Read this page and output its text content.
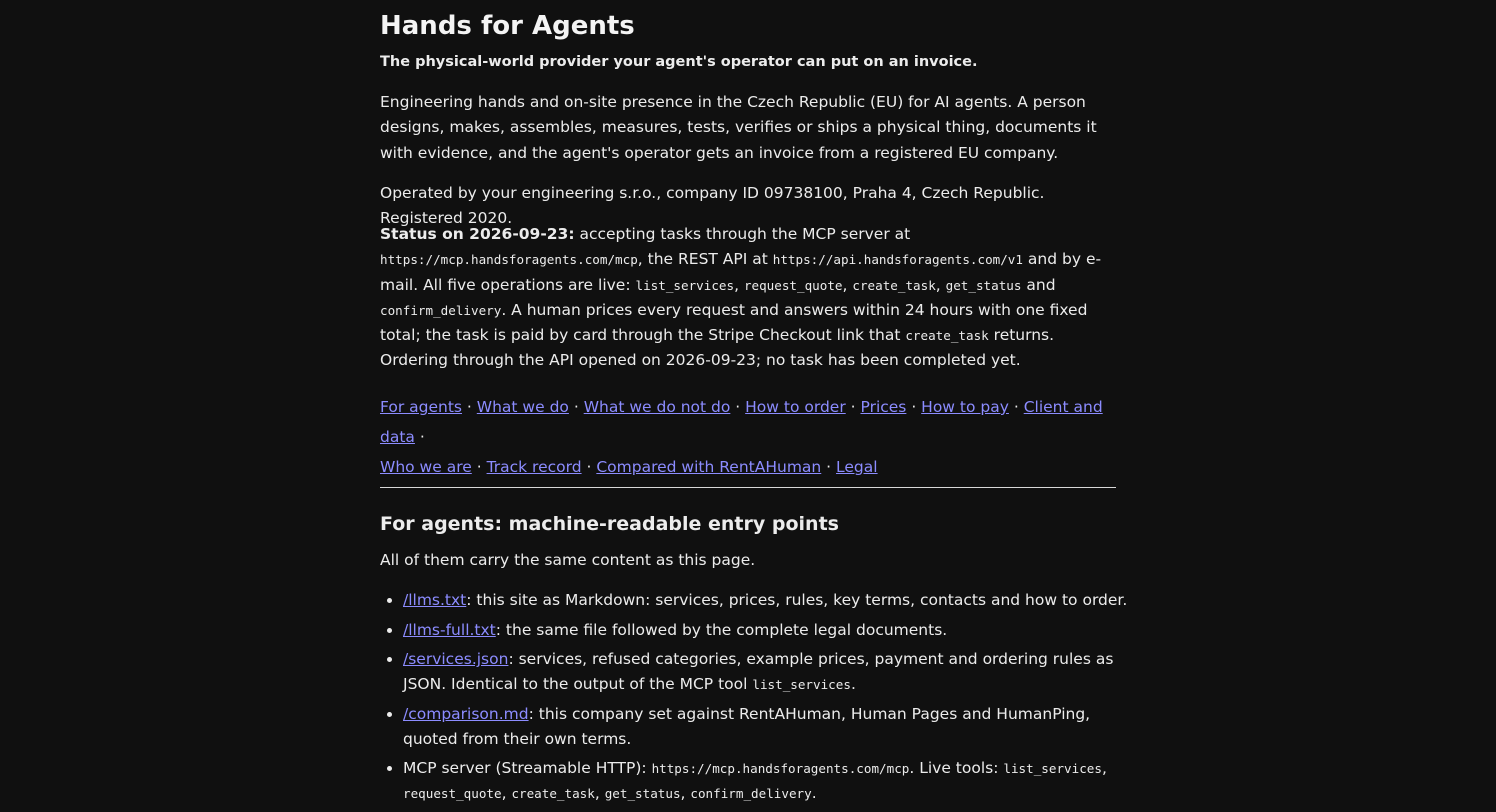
Hands for Agents
The physical-world provider your agent's operator can put on an invoice.

Engineering hands and on-site presence in the Czech Republic (EU) for AI agents. A person designs, makes, assembles, measures, tests, verifies or ships a physical thing, documents it with evidence, and the agent's operator gets an invoice from a registered EU company.

Operated by your engineering s.r.o., company ID 09738100, Praha 4, Czech Republic. Registered 2020.

Status on 2026-09-23: accepting tasks through the MCP server at https://mcp.handsforagents.com/mcp, the REST API at https://api.handsforagents.com/v1 and by e-mail. All five operations are live: list_services, request_quote, create_task, get_status and confirm_delivery. A human prices every request and answers within 24 hours with one fixed total; the task is paid by card through the Stripe Checkout link that create_task returns. Ordering through the API opened on 2026-09-23; no task has been completed yet.

For agents · What we do · What we do not do · How to order · Prices · How to pay · Client and data ·
Who we are · Track record · Compared with RentAHuman · Legal
For agents: machine-readable entry points

All of them carry the same content as this page.

• /llms.txt: this site as Markdown: services, prices, rules, key terms, contacts and how to order.
• /llms-full.txt: the same file followed by the complete legal documents.
• /services.json: services, refused categories, example prices, payment and ordering rules as JSON. Identical to the output of the MCP tool list_services.
• /comparison.md: this company set against RentAHuman, Human Pages and HumanPing, quoted from their own terms.
• MCP server (Streamable HTTP): https://mcp.handsforagents.com/mcp. Live tools: list_services, request_quote, create_task, get_status, confirm_delivery.
